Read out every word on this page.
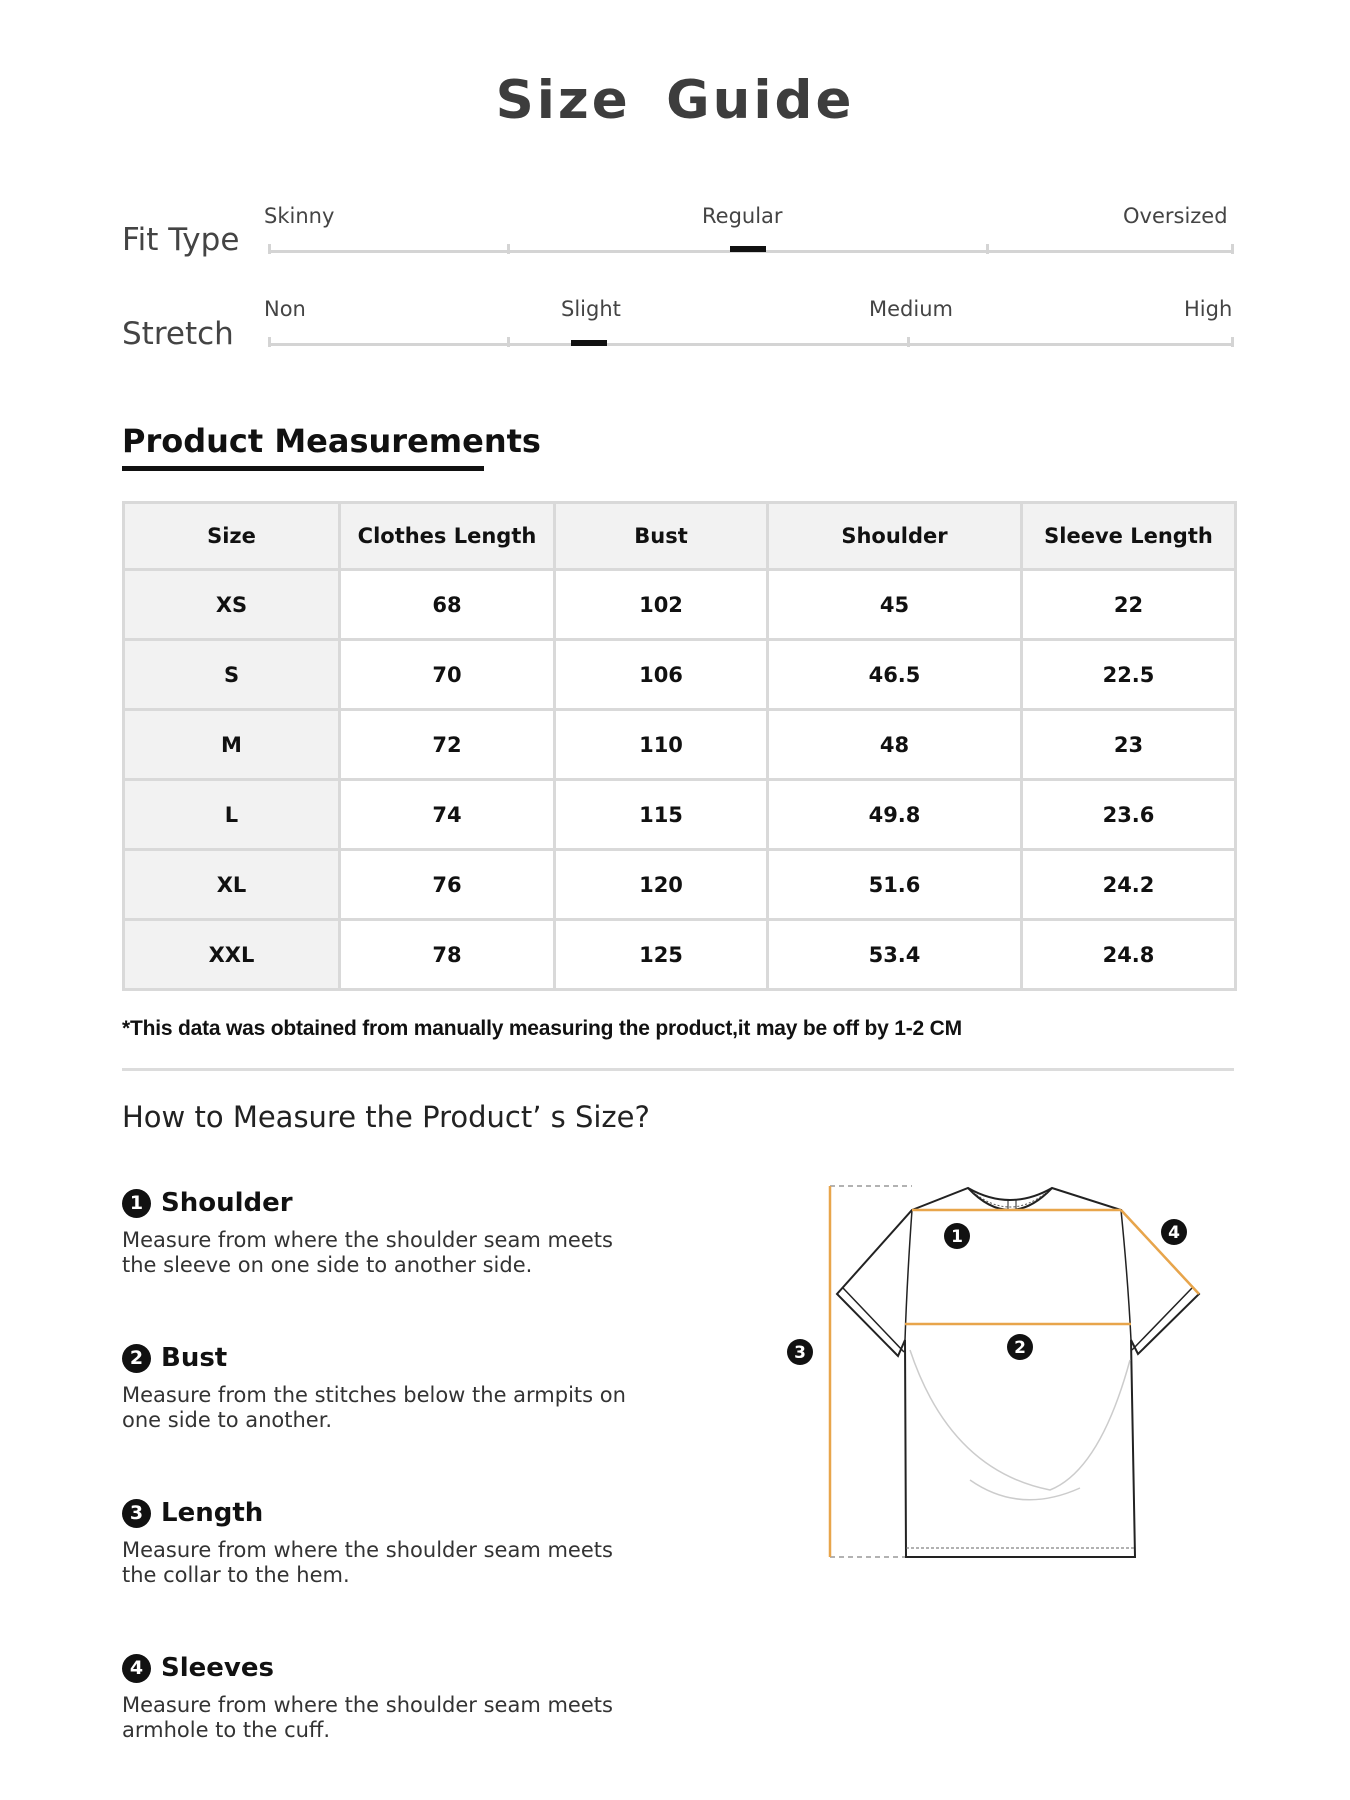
Size Guide
Fit Type
Skinny	Regular	Oversized
Stretch
Non	Slight	Medium	High
Product Measurements
Size	Clothes Length	Bust	Shoulder	Sleeve Length
XS	68	102	45	22
S	70	106	46.5	22.5
M	72	110	48	23
L	74	115	49.8	23.6
XL	76	120	51.6	24.2
XXL	78	125	53.4	24.8
*This data was obtained from manually measuring the product,it may be off by 1-2 CM
How to Measure the Product’ s Size?
1 Shoulder
Measure from where the shoulder seam meets the sleeve on one side to another side.
2 Bust
Measure from the stitches below the armpits on one side to another.
3 Length
Measure from where the shoulder seam meets the collar to the hem.
4 Sleeves
Measure from where the shoulder seam meets armhole to the cuff.
1
2
3
4
